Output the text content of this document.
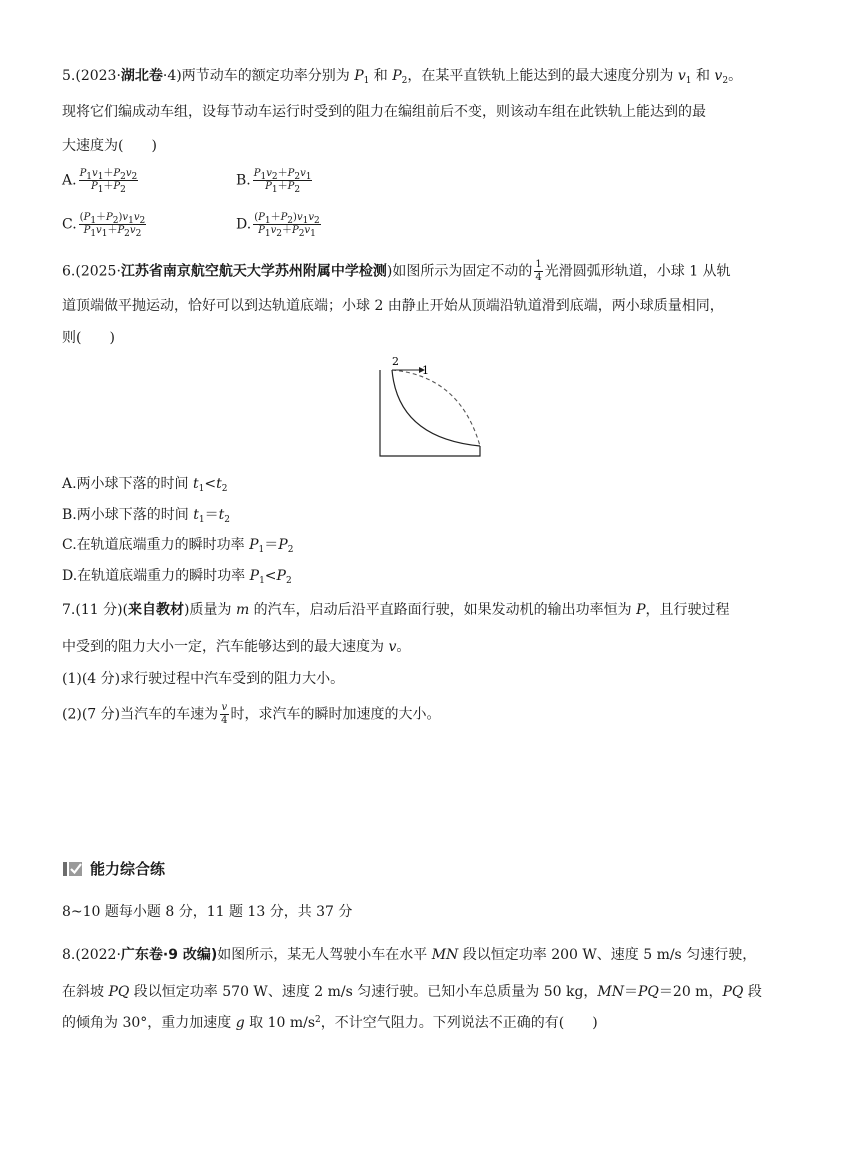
5.(2023·湖北卷·4)两节动车的额定功率分别为 $P_1$ 和 $P_2$，在某平直铁轨上能达到的最大速度分别为 $v_1$ 和 $v_2$。
现将它们编成动车组，设每节动车运行时受到的阻力在编组前后不变，则该动车组在此铁轨上能达到的最
大速度为(　　)
A. $\frac{P_1v_1+P_2v_2}{P_1+P_2}$	B. $\frac{P_1v_2+P_2v_1}{P_1+P_2}$
C. $\frac{(P_1+P_2)v_1v_2}{P_1v_1+P_2v_2}$	D. $\frac{(P_1+P_2)v_1v_2}{P_1v_2+P_2v_1}$
6.(2025·江苏省南京航空航天大学苏州附属中学检测)如图所示为固定不动的 $\frac{1}{4}$ 光滑圆弧形轨道，小球 1 从轨
道顶端做平抛运动，恰好可以到达轨道底端；小球 2 由静止开始从顶端沿轨道滑到底端，两小球质量相同，
则(　　)
2
1
A.两小球下落的时间 $t_1<t_2$
B.两小球下落的时间 $t_1=t_2$
C.在轨道底端重力的瞬时功率 $P_1=P_2$
D.在轨道底端重力的瞬时功率 $P_1<P_2$
7.(11 分)(来自教材)质量为 m 的汽车，启动后沿平直路面行驶，如果发动机的输出功率恒为 P，且行驶过程
中受到的阻力大小一定，汽车能够达到的最大速度为 v。
(1)(4 分)求行驶过程中汽车受到的阻力大小。
(2)(7 分)当汽车的车速为 $\frac{v}{4}$ 时，求汽车的瞬时加速度的大小。
能力综合练
8~10 题每小题 8 分，11 题 13 分，共 37 分
8.(2022·广东卷·9 改编)如图所示，某无人驾驶小车在水平 MN 段以恒定功率 200 W、速度 5 m/s 匀速行驶，
在斜坡 PQ 段以恒定功率 570 W、速度 2 m/s 匀速行驶。已知小车总质量为 50 kg，MN＝PQ＝20 m，PQ 段
的倾角为 30°，重力加速度 g 取 10 $m/s^2$，不计空气阻力。下列说法不正确的有(　　)
